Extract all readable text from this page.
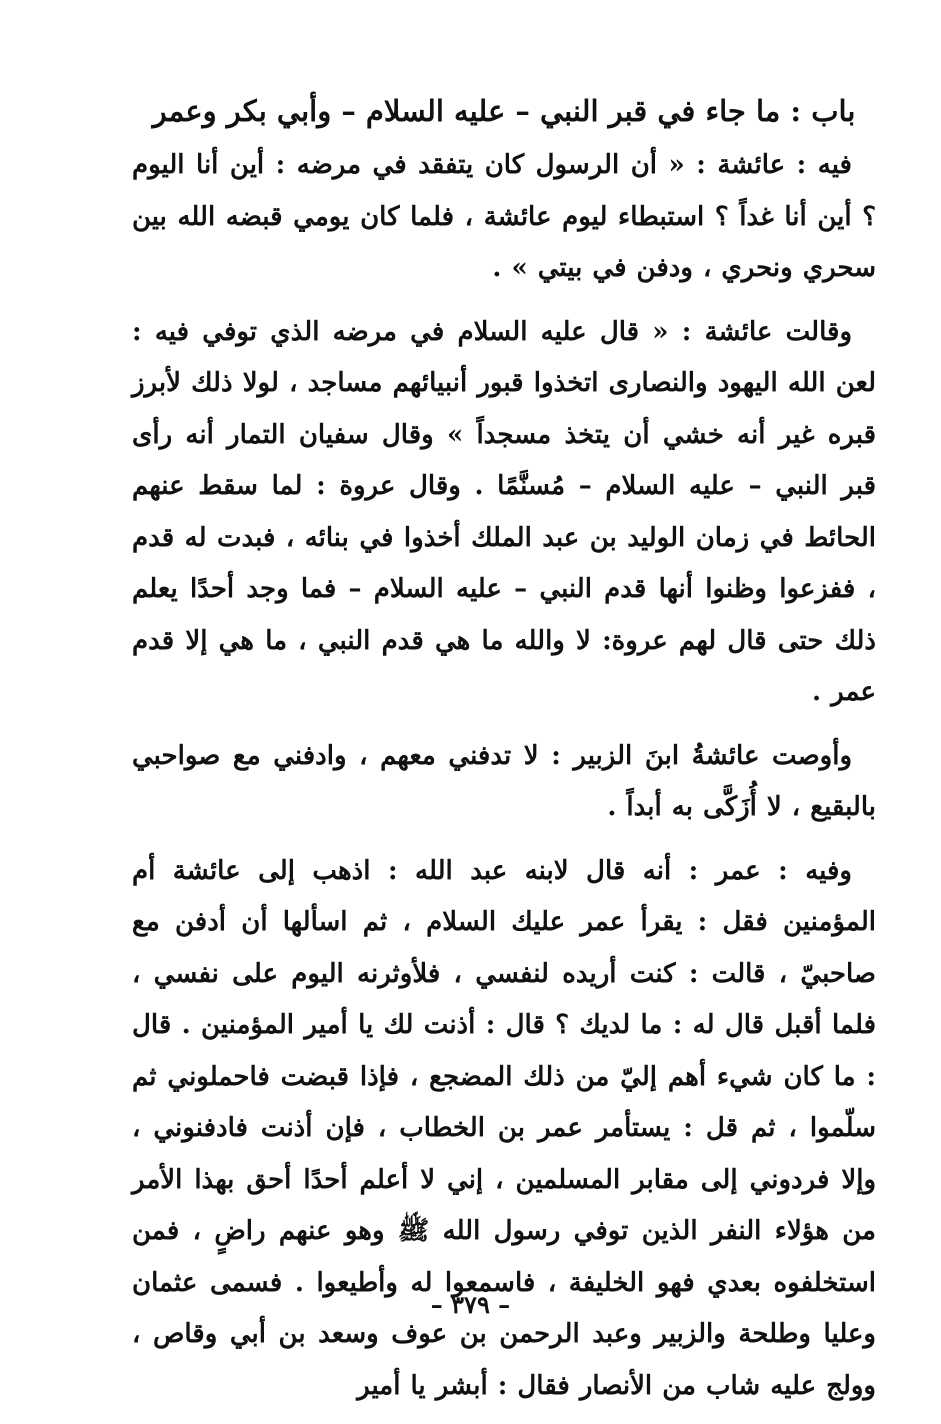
باب : ما جاء في قبر النبي – عليه السلام – وأبي بكر وعمر

فيه : عائشة : « أن الرسول كان يتفقد في مرضه : أين أنا اليوم ؟ أين أنا غداً ؟ استبطاء ليوم عائشة ، فلما كان يومي قبضه الله بين سحري ونحري ، ودفن في بيتي » .

وقالت عائشة : « قال عليه السلام في مرضه الذي توفي فيه : لعن الله اليهود والنصارى اتخذوا قبور أنبيائهم مساجد ، لولا ذلك لأبرز قبره غير أنه خشي أن يتخذ مسجداً » وقال سفيان التمار أنه رأى قبر النبي – عليه السلام – مُسنَّمًا . وقال عروة : لما سقط عنهم الحائط في زمان الوليد بن عبد الملك أخذوا في بنائه ، فبدت له قدم ، ففزعوا وظنوا أنها قدم النبي – عليه السلام – فما وجد أحدًا يعلم ذلك حتى قال لهم عروة: لا والله ما هي قدم النبي ، ما هي إلا قدم عمر .

وأوصت عائشةُ ابنَ الزبير : لا تدفني معهم ، وادفني مع صواحبي بالبقيع ، لا أُزَكَّى به أبداً .

وفيه : عمر : أنه قال لابنه عبد الله : اذهب إلى عائشة أم المؤمنين فقل : يقرأ عمر عليك السلام ، ثم اسألها أن أدفن مع صاحبيّ ، قالت : كنت أريده لنفسي ، فلأوثرنه اليوم على نفسي ، فلما أقبل قال له : ما لديك ؟ قال : أذنت لك يا أمير المؤمنين . قال : ما كان شيء أهم إليّ من ذلك المضجع ، فإذا قبضت فاحملوني ثم سلّموا ، ثم قل : يستأمر عمر بن الخطاب ، فإن أذنت فادفنوني ، وإلا فردوني إلى مقابر المسلمين ، إني لا أعلم أحدًا أحق بهذا الأمر من هؤلاء النفر الذين توفي رسول الله ﷺ وهو عنهم راضٍ ، فمن استخلفوه بعدي فهو الخليفة ، فاسمعوا له وأطيعوا . فسمى عثمان وعليا وطلحة والزبير وعبد الرحمن بن عوف وسعد بن أبي وقاص ، وولج عليه شاب من الأنصار فقال : أبشر يا أمير

– ٣٧٩ –
